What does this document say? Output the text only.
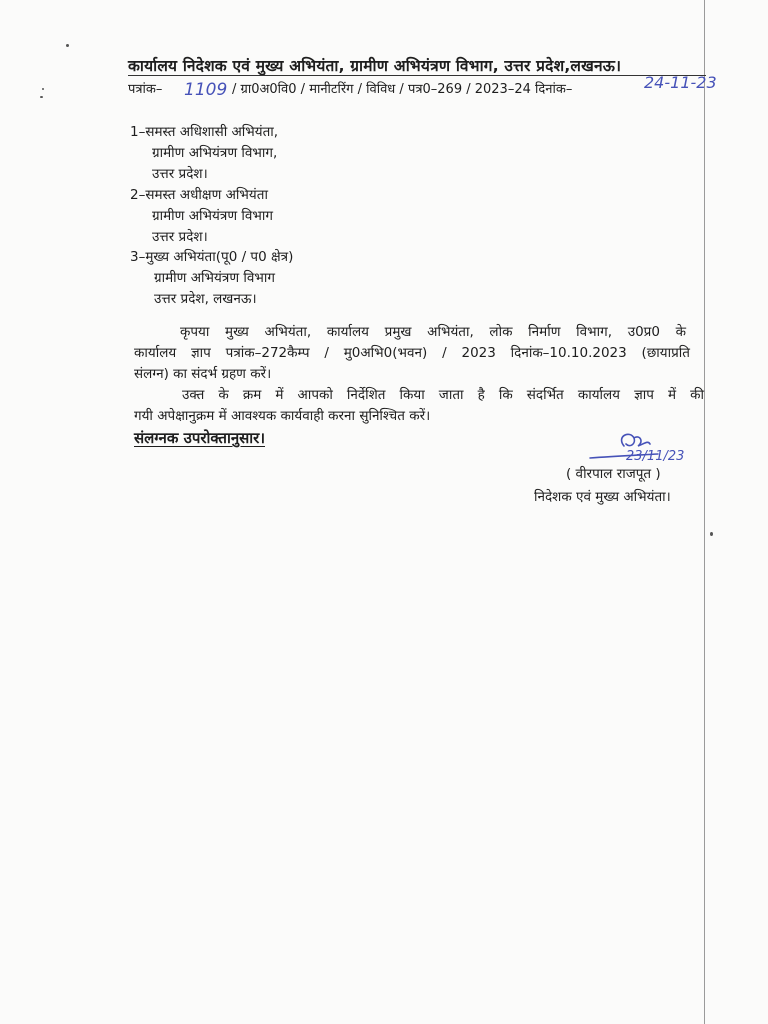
कार्यालय निदेशक एवं मुख्य अभियंता, ग्रामीण अभियंत्रण विभाग, उत्तर प्रदेश,लखनऊ।
पत्रांक– 1109 / ग्रा0अ0वि0 / मानीटरिंग / विविध / पत्र0–269 / 2023–24 दिनांक–	24-11-23
1–समस्त अधिशासी अभियंता,
ग्रामीण अभियंत्रण विभाग,
उत्तर प्रदेश।
2–समस्त अधीक्षण अभियंता
ग्रामीण अभियंत्रण विभाग
उत्तर प्रदेश।
3–मुख्य अभियंता(पू0 / प0 क्षेत्र)
ग्रामीण अभियंत्रण विभाग
उत्तर प्रदेश, लखनऊ।
कृपया मुख्य अभियंता, कार्यालय प्रमुख अभियंता, लोक निर्माण विभाग, उ0प्र0 के
कार्यालय ज्ञाप पत्रांक–272कैम्प / मु0अभि0(भवन) / 2023 दिनांक–10.10.2023 (छायाप्रति
संलग्न) का संदर्भ ग्रहण करें।
उक्त के क्रम में आपको निर्देशित किया जाता है कि संदर्भित कार्यालय ज्ञाप में की
गयी अपेक्षानुक्रम में आवश्यक कार्यवाही करना सुनिश्चित करें।
संलग्नक उपरोक्तानुसार।
23/11/23
( वीरपाल राजपूत )
निदेशक एवं मुख्य अभियंता।
